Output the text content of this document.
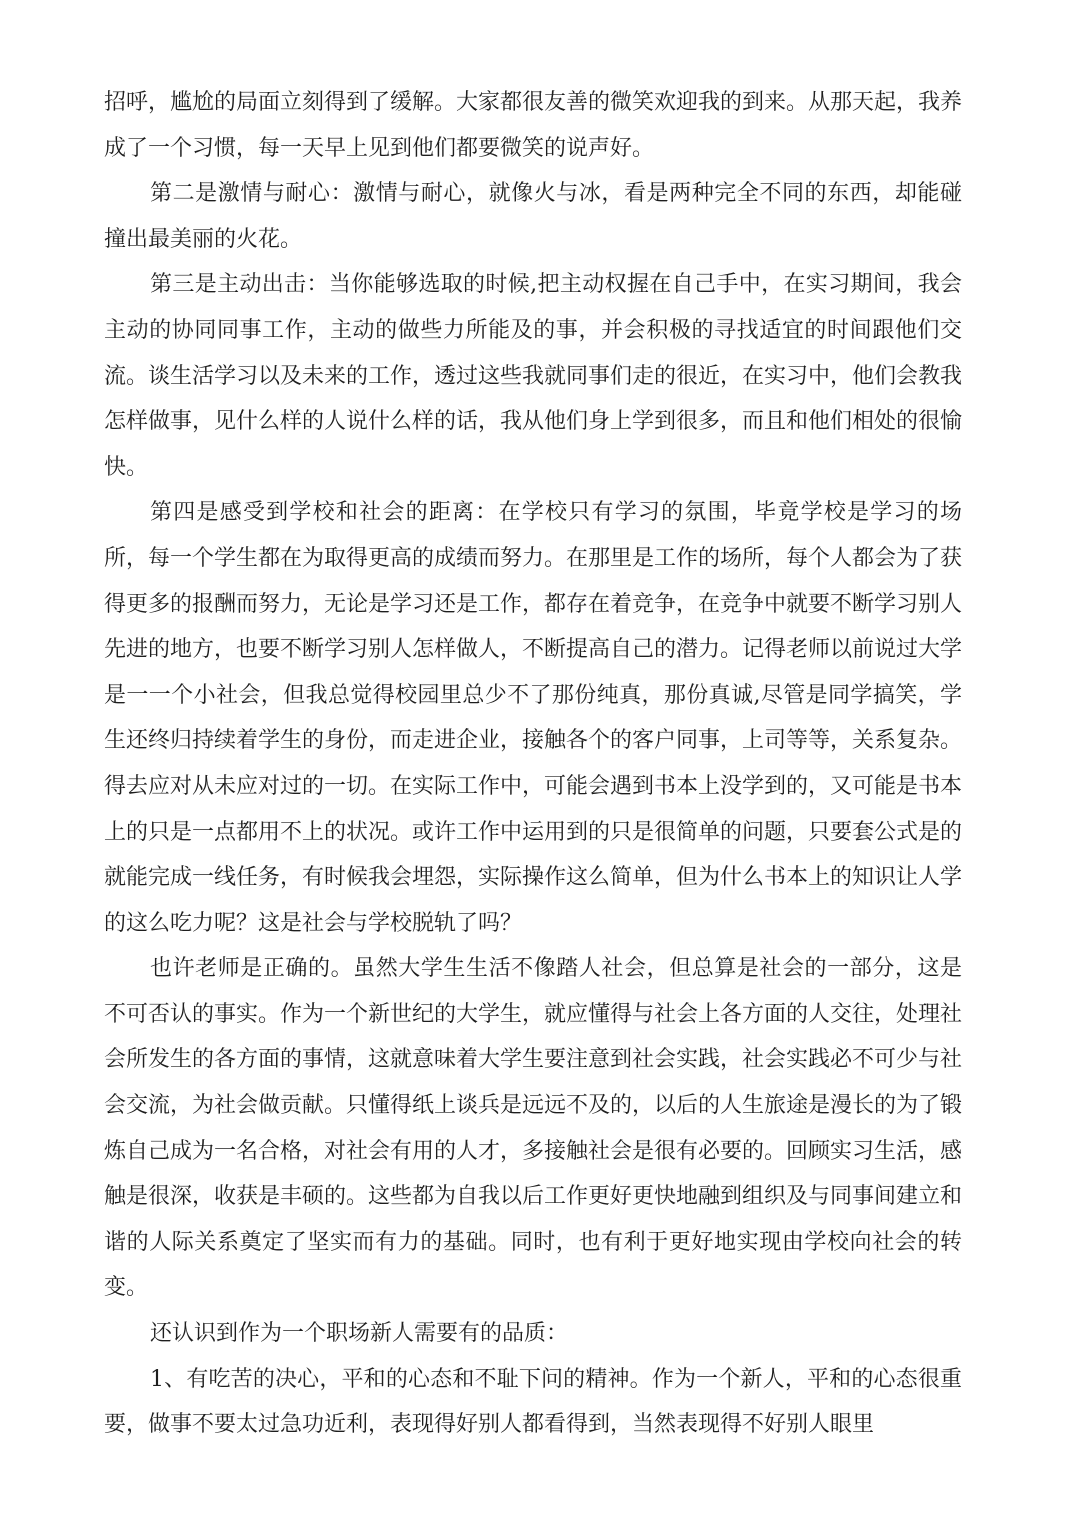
招呼，尴尬的局面立刻得到了缓解。大家都很友善的微笑欢迎我的到来。从那天起，我养成了一个习惯，每一天早上见到他们都要微笑的说声好。

第二是激情与耐心：激情与耐心，就像火与冰，看是两种完全不同的东西，却能碰撞出最美丽的火花。

第三是主动出击：当你能够选取的时候,把主动权握在自己手中，在实习期间，我会主动的协同同事工作，主动的做些力所能及的事，并会积极的寻找适宜的时间跟他们交流。谈生活学习以及未来的工作，透过这些我就同事们走的很近，在实习中，他们会教我怎样做事，见什么样的人说什么样的话，我从他们身上学到很多，而且和他们相处的很愉快。

第四是感受到学校和社会的距离：在学校只有学习的氛围，毕竟学校是学习的场所，每一个学生都在为取得更高的成绩而努力。在那里是工作的场所，每个人都会为了获得更多的报酬而努力，无论是学习还是工作，都存在着竞争，在竞争中就要不断学习别人先进的地方，也要不断学习别人怎样做人，不断提高自己的潜力。记得老师以前说过大学是一一个小社会，但我总觉得校园里总少不了那份纯真，那份真诚,尽管是同学搞笑，学生还终归持续着学生的身份，而走进企业，接触各个的客户同事，上司等等，关系复杂。得去应对从未应对过的一切。在实际工作中，可能会遇到书本上没学到的，又可能是书本上的只是一点都用不上的状况。或许工作中运用到的只是很简单的问题，只要套公式是的就能完成一线任务，有时候我会埋怨，实际操作这么简单，但为什么书本上的知识让人学的这么吃力呢？这是社会与学校脱轨了吗？

也许老师是正确的。虽然大学生生活不像踏人社会，但总算是社会的一部分，这是不可否认的事实。作为一个新世纪的大学生，就应懂得与社会上各方面的人交往，处理社会所发生的各方面的事情，这就意味着大学生要注意到社会实践，社会实践必不可少与社会交流，为社会做贡献。只懂得纸上谈兵是远远不及的，以后的人生旅途是漫长的为了锻炼自己成为一名合格，对社会有用的人才，多接触社会是很有必要的。回顾实习生活，感触是很深，收获是丰硕的。这些都为自我以后工作更好更快地融到组织及与同事间建立和谐的人际关系奠定了坚实而有力的基础。同时，也有利于更好地实现由学校向社会的转变。

还认识到作为一个职场新人需要有的品质：

1、有吃苦的决心，平和的心态和不耻下问的精神。作为一个新人，平和的心态很重要，做事不要太过急功近利，表现得好别人都看得到，当然表现得不好别人眼里
